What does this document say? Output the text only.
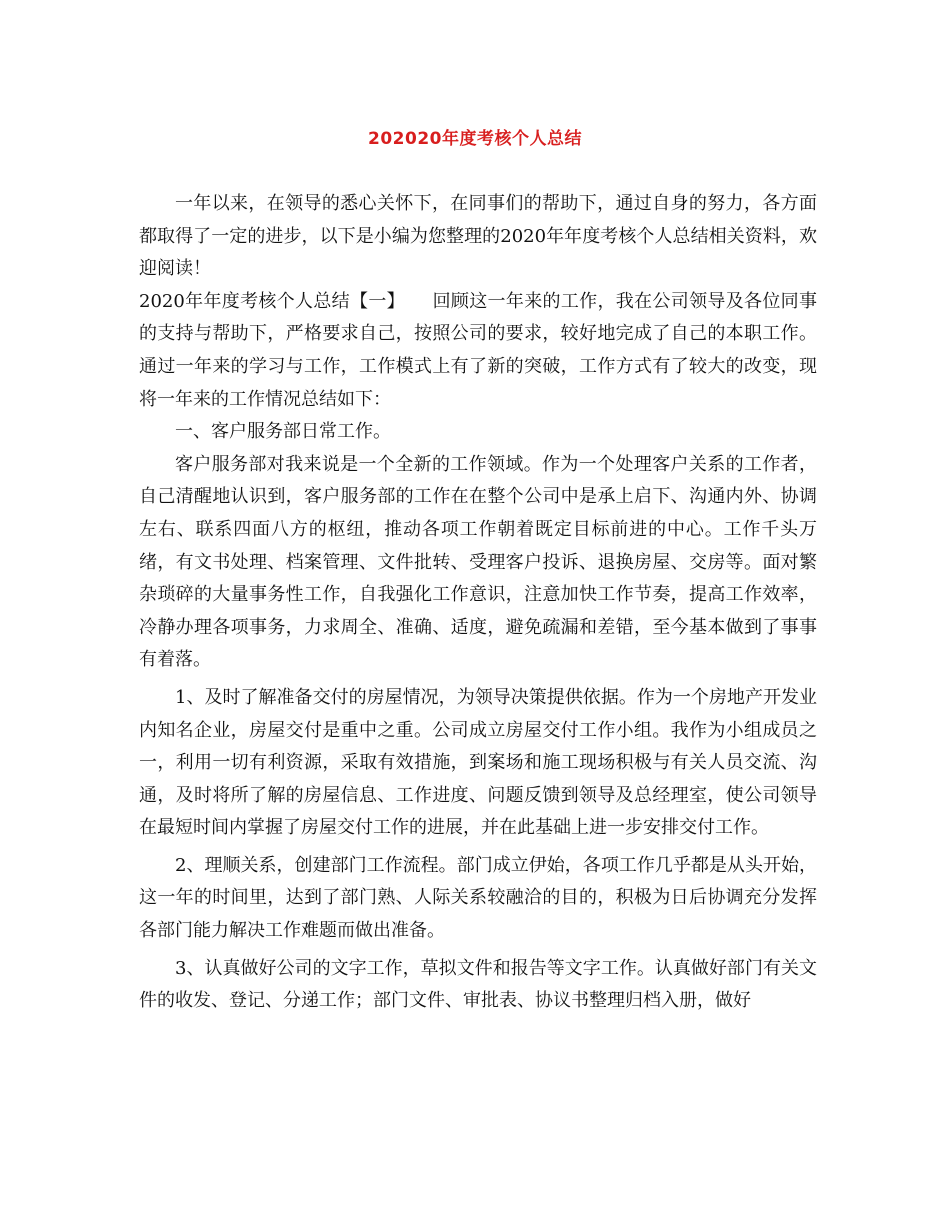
202020年度考核个人总结

一年以来，在领导的悉心关怀下，在同事们的帮助下，通过自身的努力，各方面都取得了一定的进步，以下是小编为您整理的2020年年度考核个人总结相关资料，欢迎阅读！

2020年年度考核个人总结【一】　　回顾这一年来的工作，我在公司领导及各位同事的支持与帮助下，严格要求自己，按照公司的要求，较好地完成了自己的本职工作。通过一年来的学习与工作，工作模式上有了新的突破，工作方式有了较大的改变，现将一年来的工作情况总结如下：

一、客户服务部日常工作。

客户服务部对我来说是一个全新的工作领域。作为一个处理客户关系的工作者，自己清醒地认识到，客户服务部的工作在在整个公司中是承上启下、沟通内外、协调左右、联系四面八方的枢纽，推动各项工作朝着既定目标前进的中心。工作千头万绪，有文书处理、档案管理、文件批转、受理客户投诉、退换房屋、交房等。面对繁杂琐碎的大量事务性工作，自我强化工作意识，注意加快工作节奏，提高工作效率，冷静办理各项事务，力求周全、准确、适度，避免疏漏和差错，至今基本做到了事事有着落。

1、及时了解准备交付的房屋情况，为领导决策提供依据。作为一个房地产开发业内知名企业，房屋交付是重中之重。公司成立房屋交付工作小组。我作为小组成员之一，利用一切有利资源，采取有效措施，到案场和施工现场积极与有关人员交流、沟通，及时将所了解的房屋信息、工作进度、问题反馈到领导及总经理室，使公司领导在最短时间内掌握了房屋交付工作的进展，并在此基础上进一步安排交付工作。

2、理顺关系，创建部门工作流程。部门成立伊始，各项工作几乎都是从头开始，这一年的时间里，达到了部门熟、人际关系较融洽的目的，积极为日后协调充分发挥各部门能力解决工作难题而做出准备。

3、认真做好公司的文字工作，草拟文件和报告等文字工作。认真做好部门有关文件的收发、登记、分递工作；部门文件、审批表、协议书整理归档入册，做好
